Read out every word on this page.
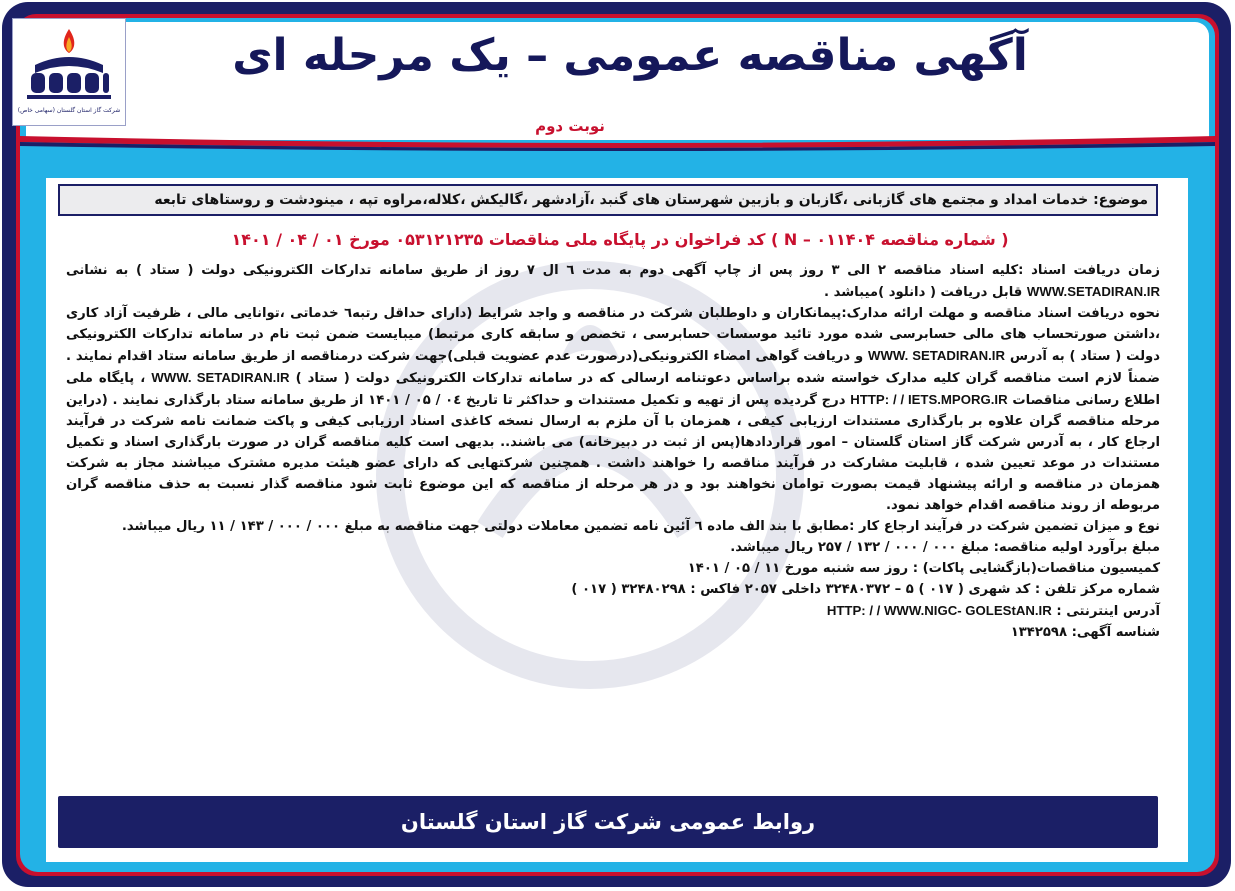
شرکت گاز استان گلستان (سهامی خاص)
آگهی مناقصه عمومی – یک مرحله ای
نوبت دوم
موضوع: خدمات امداد و مجتمع های گازبانی ،گازبان و بازبین شهرستان های گنبد ،آزادشهر ،گالیکش ،کلاله،مراوه تپه ، مینودشت و روستاهای تابعه
( شماره مناقصه ۰۱۱۴۰۴ – N ) کد فراخوان در پایگاه ملی مناقصات ۰۵۳۱۲۱۲۳۵ مورخ ۰۱ / ۰۴ / ۱۴۰۱

زمان دریافت اسناد :کلیه اسناد مناقصه ۲ الی ۳ روز پس از چاپ آگهی دوم به مدت ٦ ال ۷ روز از طریق سامانه تدارکات الکترونیکی دولت ( ستاد ) به نشانی WWW.SETADIRAN.IR قابل دریافت ( دانلود )میباشد .

نحوه دریافت اسناد مناقصه و مهلت ارائه مدارک:پیمانکاران و داوطلبان شرکت در مناقصه و واجد شرایط (دارای حداقل رتبه٦ خدماتی ،توانایی مالی ، ظرفیت آزاد کاری ،داشتن صورتحساب های مالی حسابرسی شده مورد تائید موسسات حسابرسی ، تخصص و سابقه کاری مرتبط) میبایست ضمن ثبت نام در سامانه تدارکات الکترونیکی دولت ( ستاد ) به آدرس WWW. SETADIRAN.IR و دریافت گواهی امضاء الکترونیکی(درصورت عدم عضویت قبلی)جهت شرکت درمناقصه از طریق سامانه ستاد اقدام نمایند . ضمناً لازم است مناقصه گران کلیه مدارک خواسته شده براساس دعوتنامه ارسالی که در سامانه تدارکات الکترونیکی دولت ( ستاد ) WWW. SETADIRAN.IR ، پایگاه ملی اطلاع رسانی مناقصات HTTP: / / IETS.MPORG.IR درج گردیده پس از تهیه و تکمیل مستندات و حداکثر تا تاریخ ۰٤ / ۰۵ / ۱۴۰۱ از طریق سامانه ستاد بارگذاری نمایند . (دراین مرحله مناقصه گران علاوه بر بارگذاری مستندات ارزیابی کیفی ، همزمان با آن ملزم به ارسال نسخه کاغذی اسناد ارزیابی کیفی و پاکت ضمانت نامه شرکت در فرآیند ارجاع کار ، به آدرس شرکت گاز استان گلستان – امور قراردادها(پس از ثبت در دبیرخانه) می باشند.. بدیهی است کلیه مناقصه گران در صورت بارگذاری اسناد و تکمیل مستندات در موعد تعیین شده ، قابلیت مشارکت در فرآیند مناقصه را خواهند داشت . همچنین شرکتهایی که دارای عضو هیئت مدیره مشترک میباشند مجاز به شرکت همزمان در مناقصه و ارائه پیشنهاد قیمت بصورت توامان نخواهند بود و در هر مرحله از مناقصه که این موضوع ثابت شود مناقصه گذار نسبت به حذف مناقصه گران مربوطه از روند مناقصه اقدام خواهد نمود.

نوع و میزان تضمین شرکت در فرآیند ارجاع کار :مطابق با بند الف ماده ٦ آئین نامه تضمین معاملات دولتی جهت مناقصه به مبلغ ۰۰۰ / ۰۰۰ / ۱۴۳ / ۱۱ ریال میباشد.

مبلغ برآورد اولیه مناقصه: مبلغ ۰۰۰ / ۰۰۰ / ۱۳۲ / ۲۵۷ ریال میباشد.

کمیسیون مناقصات(بازگشایی پاکات) : روز سه شنبه مورخ ۱۱ / ۰۵ / ۱۴۰۱

شماره مرکز تلفن : کد شهری ( ۰۱۷ ) ۵ – ۳۲۴۸۰۳۷۲ داخلی ۲۰۵۷ فاکس : ۳۲۴۸۰۲۹۸ ( ۰۱۷ )

آدرس اینترنتی : HTTP: / / WWW.NIGC- GOLEStAN.IR

شناسه آگهی: ۱۳۴۲۵۹۸

روابط عمومی شرکت گاز استان گلستان
